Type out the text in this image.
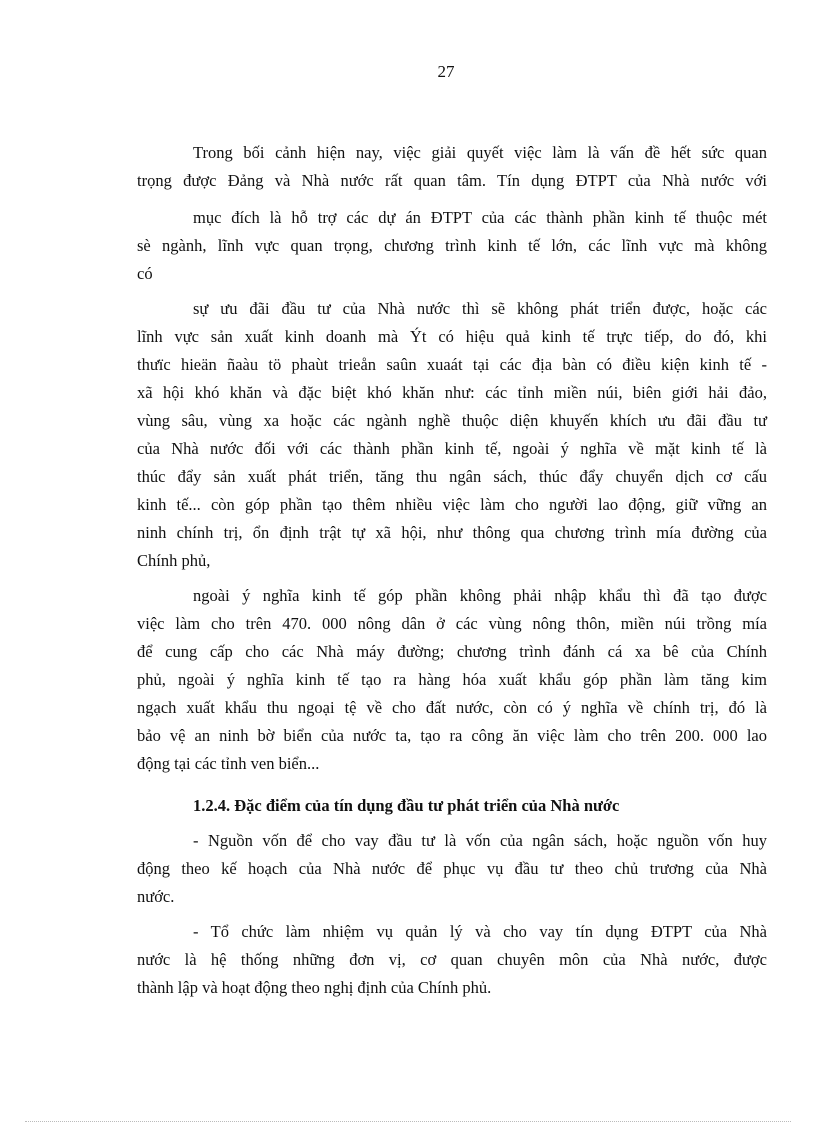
27
Trong bối cảnh hiện nay, việc giải quyết việc làm là vấn đề hết sức quan
trọng được Đảng và Nhà nước rất quan tâm. Tín dụng ĐTPT của Nhà nước với
mục đích là hỗ trợ các dự án ĐTPT của các thành phần kinh tế thuộc mét
sè ngành, lĩnh vực quan trọng, chương trình kinh tế lớn, các lĩnh vực mà không
có
sự ưu đãi đầu tư của Nhà nước thì sẽ không phát triển được, hoặc các
lĩnh vực sản xuất kinh doanh mà Ýt có hiệu quả kinh tế trực tiếp, do đó, khi
thưïc hieän ñaàu tö phaùt trieån saûn xuaát tại các địa bàn có điều kiện kinh tế -
xã hội khó khăn và đặc biệt khó khăn như: các tỉnh miền núi, biên giới hải đảo,
vùng sâu, vùng xa hoặc các ngành nghề thuộc diện khuyến khích ưu đãi đầu tư
của Nhà nước đối với các thành phần kinh tế, ngoài ý nghĩa về mặt kinh tế là
thúc đẩy sản xuất phát triển, tăng thu ngân sách, thúc đẩy chuyển dịch cơ cấu
kinh tế... còn góp phần tạo thêm nhiều việc làm cho người lao động, giữ vững an
ninh chính trị, ổn định trật tự xã hội, như thông qua chương trình mía đường của
Chính phủ,
ngoài ý nghĩa kinh tế góp phần không phải nhập khẩu thì đã tạo được
việc làm cho trên 470. 000 nông dân ở các vùng nông thôn, miền núi trồng mía
để cung cấp cho các Nhà máy đường; chương trình đánh cá xa bê của Chính
phủ, ngoài ý nghĩa kinh tế tạo ra hàng hóa xuất khẩu góp phần làm tăng kim
ngạch xuất khẩu thu ngoại tệ về cho đất nước, còn có ý nghĩa về chính trị, đó là
bảo vệ an ninh bờ biển của nước ta, tạo ra công ăn việc làm cho trên 200. 000 lao
động tại các tỉnh ven biển...
1.2.4. Đặc điểm của tín dụng đầu tư phát triển của Nhà nước
- Nguồn vốn để cho vay đầu tư là vốn của ngân sách, hoặc nguồn vốn huy
động theo kế hoạch của Nhà nước để phục vụ đầu tư theo chủ trương của Nhà
nước.
- Tổ chức làm nhiệm vụ quản lý và cho vay tín dụng ĐTPT của Nhà
nước là hệ thống những đơn vị, cơ quan chuyên môn của Nhà nước, được
thành lập và hoạt động theo nghị định của Chính phủ.
